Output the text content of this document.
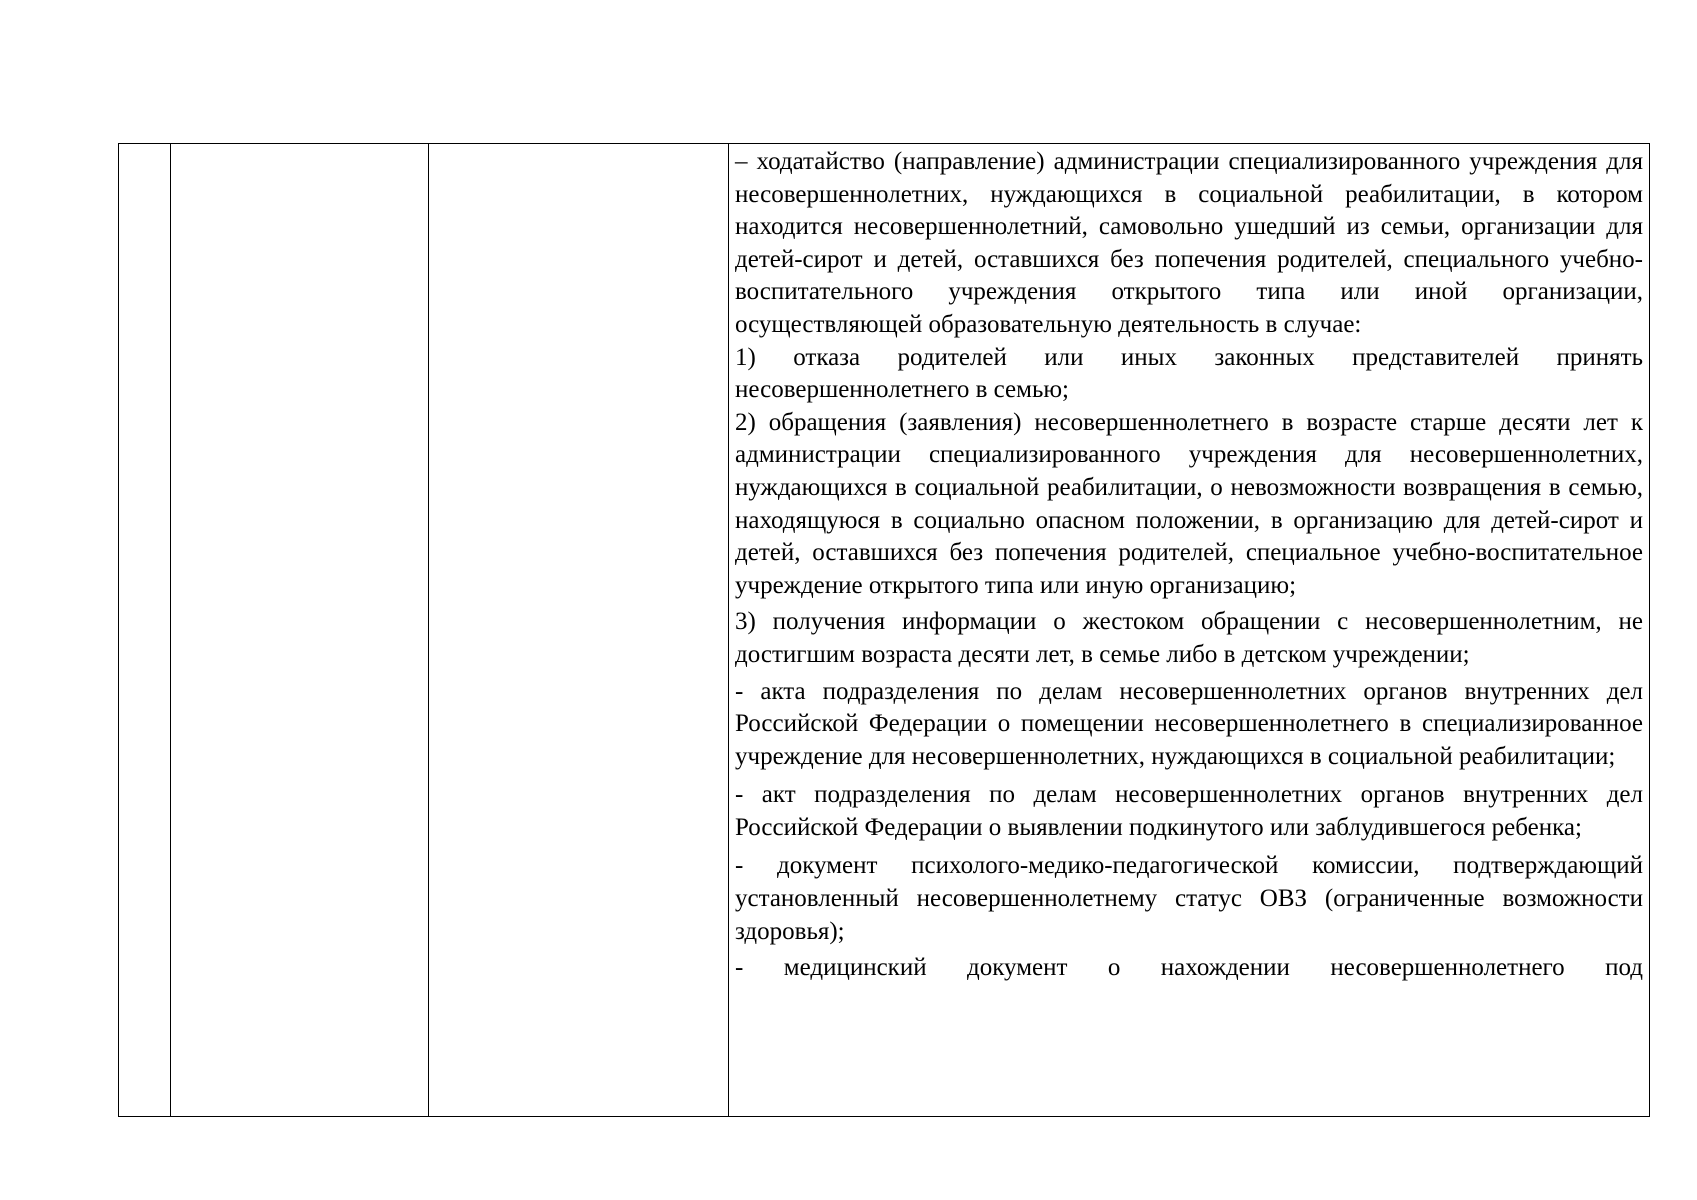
– ходатайство (направление) администрации специализированного учреждения для несовершеннолетних, нуждающихся в социальной реабилитации, в котором находится несовершеннолетний, самовольно ушедший из семьи, организации для детей-сирот и детей, оставшихся без попечения родителей, специального учебно-воспитательного учреждения открытого типа или иной организации, осуществляющей образовательную деятельность в случае:

1) отказа родителей или иных законных представителей принять несовершеннолетнего в семью;

2) обращения (заявления) несовершеннолетнего в возрасте старше десяти лет к администрации специализированного учреждения для несовершеннолетних, нуждающихся в социальной реабилитации, о невозможности возвращения в семью, находящуюся в социально опасном положении, в организацию для детей-сирот и детей, оставшихся без попечения родителей, специальное учебно-воспитательное учреждение открытого типа или иную организацию;

3) получения информации о жестоком обращении с несовершеннолетним, не достигшим возраста десяти лет, в семье либо в детском учреждении;

- акта подразделения по делам несовершеннолетних органов внутренних дел Российской Федерации о помещении несовершеннолетнего в специализированное учреждение для несовершеннолетних, нуждающихся в социальной реабилитации;

- акт подразделения по делам несовершеннолетних органов внутренних дел Российской Федерации о выявлении подкинутого или заблудившегося ребенка;

- документ психолого-медико-педагогической комиссии, подтверждающий установленный несовершеннолетнему статус ОВЗ (ограниченные возможности здоровья);

- медицинский документ о нахождении несовершеннолетнего под
